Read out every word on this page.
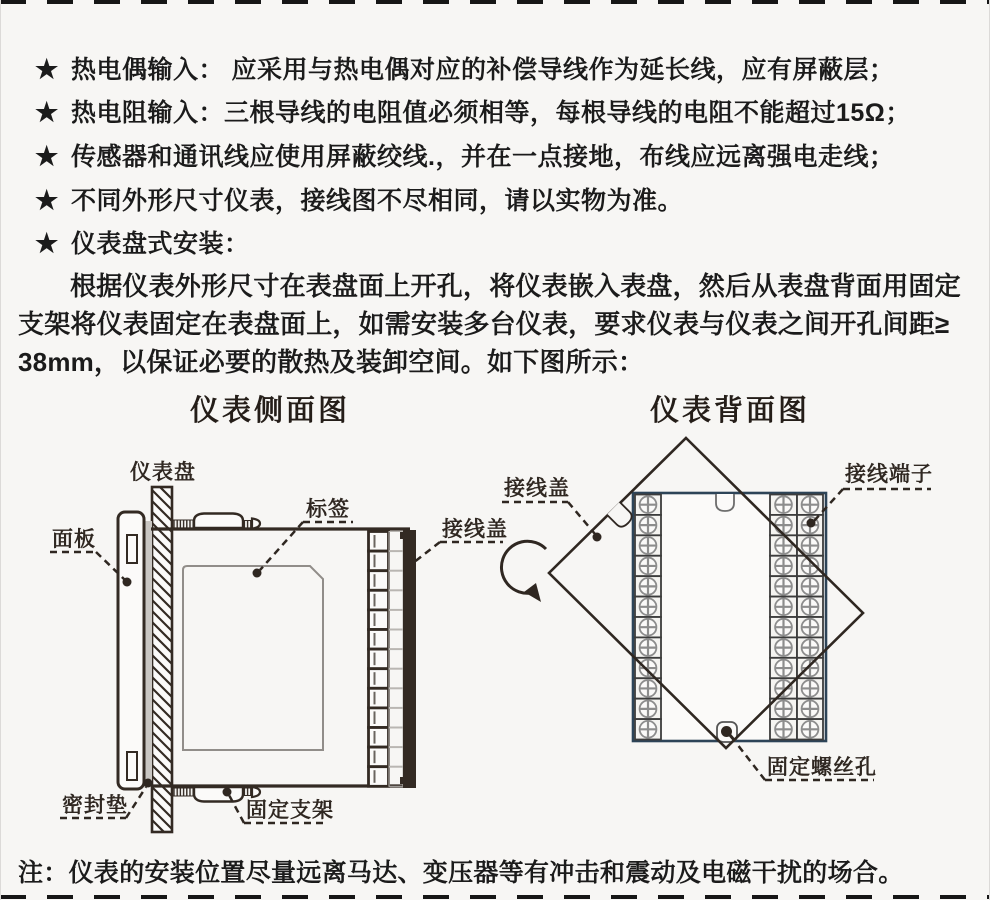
★ 热电偶输入： 应采用与热电偶对应的补偿导线作为延长线，应有屏蔽层；
★ 热电阻输入：三根导线的电阻值必须相等，每根导线的电阻不能超过15Ω；
★ 传感器和通讯线应使用屏蔽绞线.，并在一点接地，布线应远离强电走线；
★ 不同外形尺寸仪表，接线图不尽相同，请以实物为准。
★ 仪表盘式安装：
根据仪表外形尺寸在表盘面上开孔，将仪表嵌入表盘，然后从表盘背面用固定
支架将仪表固定在表盘面上，如需安装多台仪表，要求仪表与仪表之间开孔间距≥
38mm，以保证必要的散热及装卸空间。如下图所示：
注：仪表的安装位置尽量远离马达、变压器等有冲击和震动及电磁干扰的场合。
仪表侧面图
仪表盘
面板
标签
接线盖
密封垫	固定支架
仪表背面图
接线盖
接线端子
固定螺丝孔
